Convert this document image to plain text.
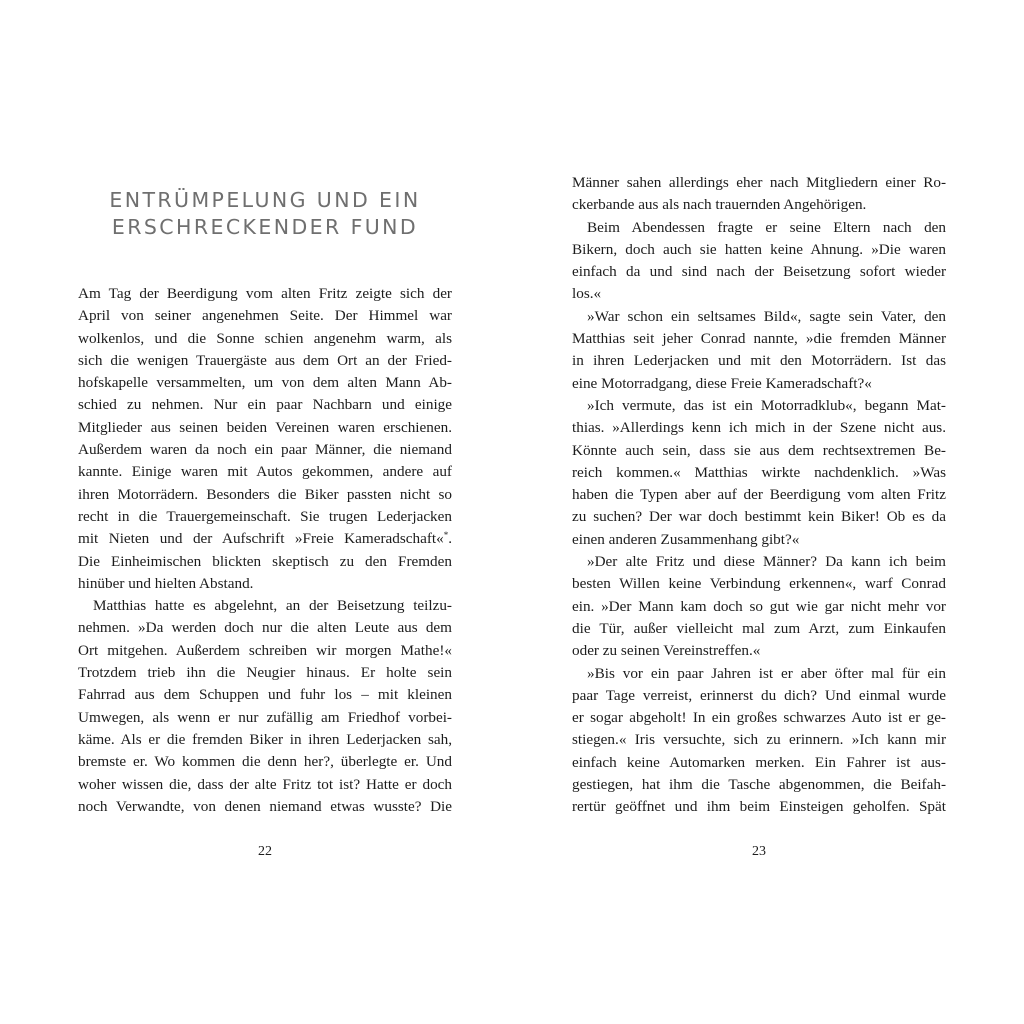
ENTRÜMPELUNG UND EIN
ERSCHRECKENDER FUND
Am Tag der Beerdigung vom alten Fritz zeigte sich der
April von seiner angenehmen Seite. Der Himmel war
wolkenlos, und die Sonne schien angenehm warm, als
sich die wenigen Trauergäste aus dem Ort an der Fried-
hofskapelle versammelten, um von dem alten Mann Ab-
schied zu nehmen. Nur ein paar Nachbarn und einige
Mitglieder aus seinen beiden Vereinen waren erschienen.
Außerdem waren da noch ein paar Männer, die niemand
kannte. Einige waren mit Autos gekommen, andere auf
ihren Motorrädern. Besonders die Biker passten nicht so
recht in die Trauergemeinschaft. Sie trugen Lederjacken
mit Nieten und der Aufschrift »Freie Kameradschaft«*.
Die Einheimischen blickten skeptisch zu den Fremden
hinüber und hielten Abstand.
Matthias hatte es abgelehnt, an der Beisetzung teilzu-
nehmen. »Da werden doch nur die alten Leute aus dem
Ort mitgehen. Außerdem schreiben wir morgen Mathe!«
Trotzdem trieb ihn die Neugier hinaus. Er holte sein
Fahrrad aus dem Schuppen und fuhr los – mit kleinen
Umwegen, als wenn er nur zufällig am Friedhof vorbei-
käme. Als er die fremden Biker in ihren Lederjacken sah,
bremste er. Wo kommen die denn her?, überlegte er. Und
woher wissen die, dass der alte Fritz tot ist? Hatte er doch
noch Verwandte, von denen niemand etwas wusste? Die
22
Männer sahen allerdings eher nach Mitgliedern einer Ro-
ckerbande aus als nach trauernden Angehörigen.
Beim Abendessen fragte er seine Eltern nach den
Bikern, doch auch sie hatten keine Ahnung. »Die waren
einfach da und sind nach der Beisetzung sofort wieder
los.«
»War schon ein seltsames Bild«, sagte sein Vater, den
Matthias seit jeher Conrad nannte, »die fremden Männer
in ihren Lederjacken und mit den Motorrädern. Ist das
eine Motorradgang, diese Freie Kameradschaft?«
»Ich vermute, das ist ein Motorradklub«, begann Mat-
thias. »Allerdings kenn ich mich in der Szene nicht aus.
Könnte auch sein, dass sie aus dem rechtsextremen Be-
reich kommen.« Matthias wirkte nachdenklich. »Was
haben die Typen aber auf der Beerdigung vom alten Fritz
zu suchen? Der war doch bestimmt kein Biker! Ob es da
einen anderen Zusammenhang gibt?«
»Der alte Fritz und diese Männer? Da kann ich beim
besten Willen keine Verbindung erkennen«, warf Conrad
ein. »Der Mann kam doch so gut wie gar nicht mehr vor
die Tür, außer vielleicht mal zum Arzt, zum Einkaufen
oder zu seinen Vereinstreffen.«
»Bis vor ein paar Jahren ist er aber öfter mal für ein
paar Tage verreist, erinnerst du dich? Und einmal wurde
er sogar abgeholt! In ein großes schwarzes Auto ist er ge-
stiegen.« Iris versuchte, sich zu erinnern. »Ich kann mir
einfach keine Automarken merken. Ein Fahrer ist aus-
gestiegen, hat ihm die Tasche abgenommen, die Beifah-
rertür geöffnet und ihm beim Einsteigen geholfen. Spät
23
